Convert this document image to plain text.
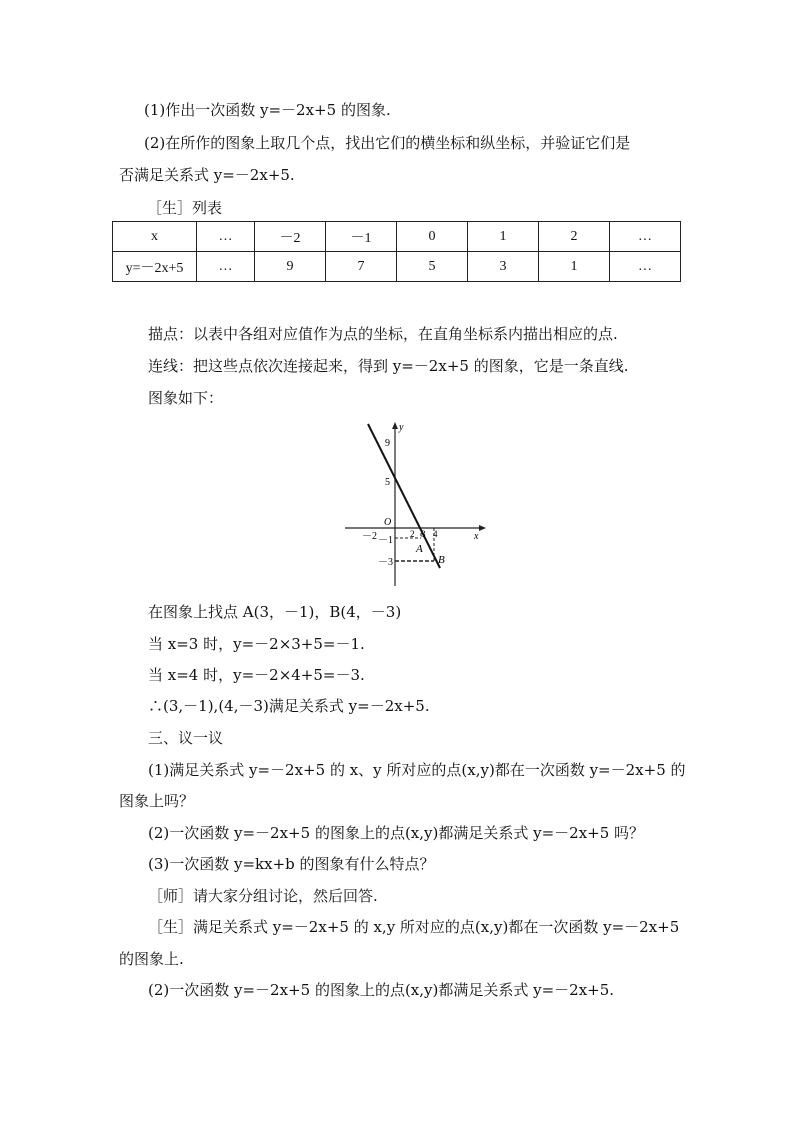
(1)作出一次函数 y=－2x+5 的图象.
(2)在所作的图象上取几个点，找出它们的横坐标和纵坐标，并验证它们是
否满足关系式 y=－2x+5.
［生］列表
x	…	－2	－1	0	1	2	…
y=－2x+5	…	9	7	5	3	1	…
描点：以表中各组对应值作为点的坐标，在直角坐标系内描出相应的点.
连线：把这些点依次连接起来，得到 y=－2x+5 的图象，它是一条直线.
图象如下：
y
x
O
9
5
－1
－3
－2	2 3 4
A
B
在图象上找点 A(3，－1)，B(4，－3)
当 x=3 时，y=－2×3+5=－1.
当 x=4 时，y=－2×4+5=－3.
∴(3,－1),(4,－3)满足关系式 y=－2x+5.
三、议一议
(1)满足关系式 y=－2x+5 的 x、y 所对应的点(x,y)都在一次函数 y=－2x+5 的
图象上吗？
(2)一次函数 y=－2x+5 的图象上的点(x,y)都满足关系式 y=－2x+5 吗？
(3)一次函数 y=kx+b 的图象有什么特点？
［师］请大家分组讨论，然后回答.
［生］满足关系式 y=－2x+5 的 x,y 所对应的点(x,y)都在一次函数 y=－2x+5
的图象上.
(2)一次函数 y=－2x+5 的图象上的点(x,y)都满足关系式 y=－2x+5.
